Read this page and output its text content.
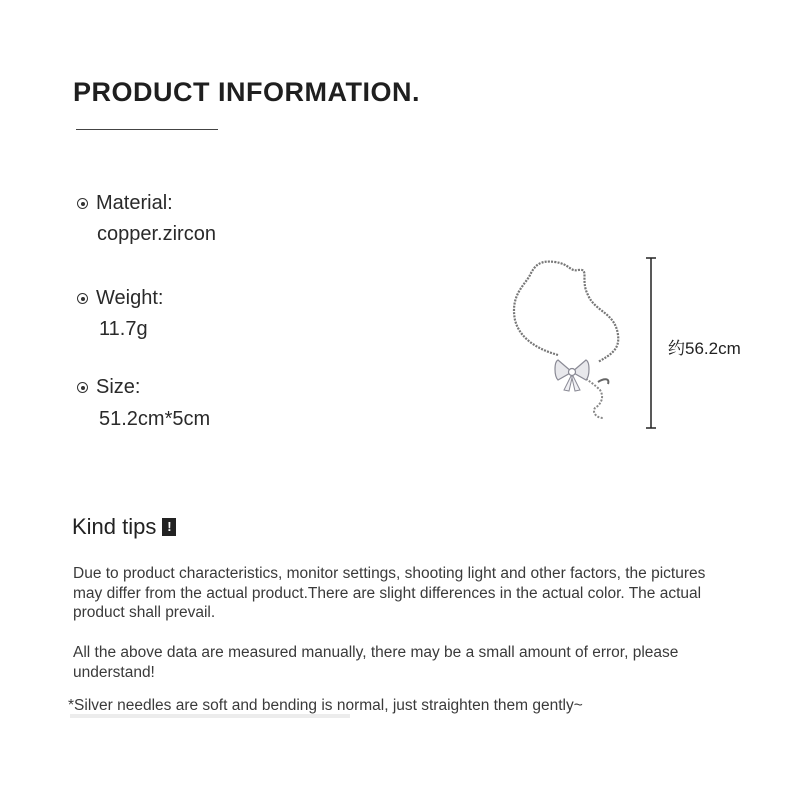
PRODUCT INFORMATION.
Material:
copper.zircon
Weight:
11.7g
Size:
51.2cm*5cm
约56.2cm
Kind tips !
Due to product characteristics, monitor settings, shooting light and other factors, the pictures may differ from the actual product.There are slight differences in the actual color. The actual product shall prevail.
All the above data are measured manually, there may be a small amount of error, please understand!
*Silver needles are soft and bending is normal, just straighten them gently~
